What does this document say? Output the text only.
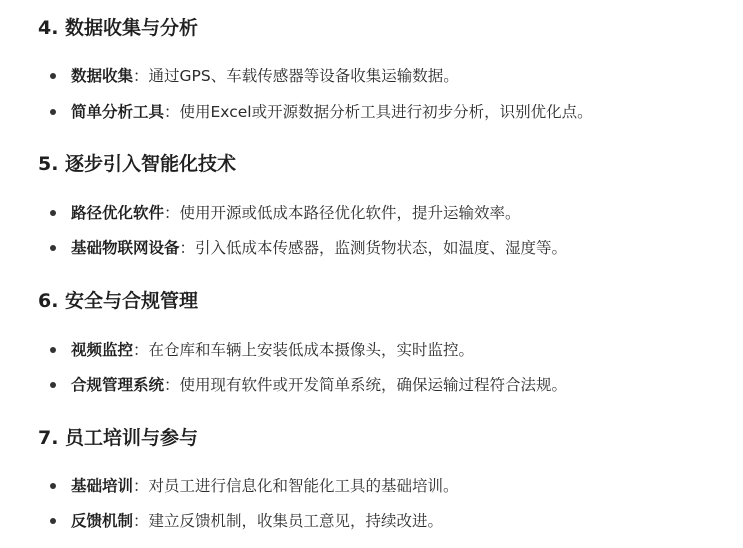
4. 数据收集与分析
数据收集 ：通过GPS、车载传感器等设备收集运输数据。
简单分析工具 ：使用Excel或开源数据分析工具进行初步分析，识别优化点。
5. 逐步引入智能化技术
路径优化软件 ：使用开源或低成本路径优化软件，提升运输效率。
基础物联网设备 ：引入低成本传感器，监测货物状态，如温度、湿度等。
6. 安全与合规管理
视频监控 ：在仓库和车辆上安装低成本摄像头，实时监控。
合规管理系统 ：使用现有软件或开发简单系统，确保运输过程符合法规。
7. 员工培训与参与
基础培训 ：对员工进行信息化和智能化工具的基础培训。
反馈机制 ：建立反馈机制，收集员工意见，持续改进。
